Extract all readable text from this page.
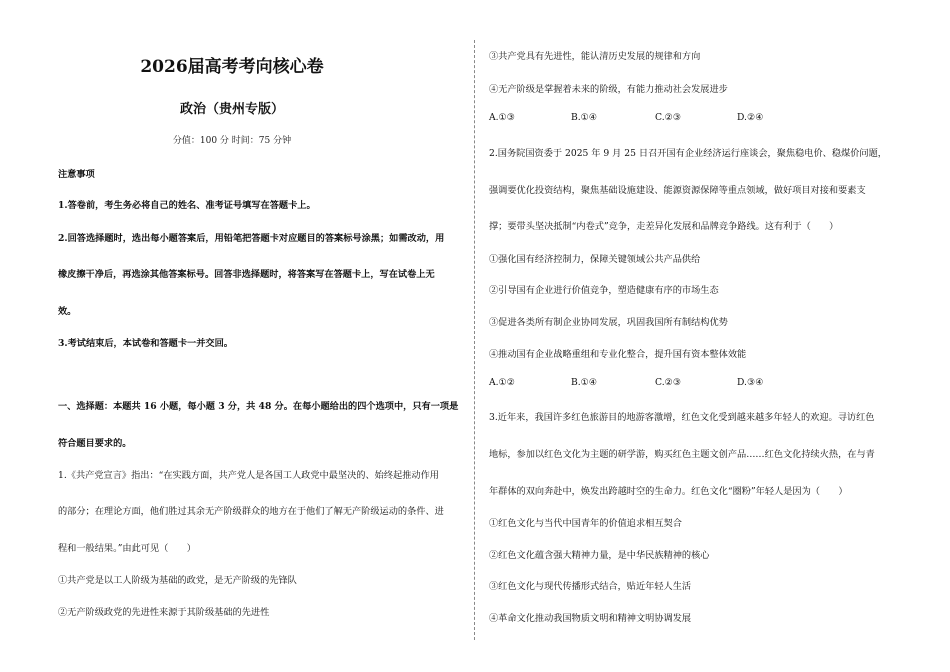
2026届高考考向核心卷
政治（贵州专版）
分值：100 分 时间：75 分钟
注意事项
1.答卷前，考生务必将自己的姓名、准考证号填写在答题卡上。
2.回答选择题时，选出每小题答案后，用铅笔把答题卡对应题目的答案标号涂黑；如需改动，用
橡皮擦干净后，再选涂其他答案标号。回答非选择题时，将答案写在答题卡上，写在试卷上无
效。
3.考试结束后，本试卷和答题卡一并交回。
一、选择题：本题共 16 小题，每小题 3 分，共 48 分。在每小题给出的四个选项中，只有一项是
符合题目要求的。
1.《共产党宣言》指出：“在实践方面，共产党人是各国工人政党中最坚决的、始终起推动作用
的部分；在理论方面，他们胜过其余无产阶级群众的地方在于他们了解无产阶级运动的条件、进
程和一般结果。”由此可见（　　）
①共产党是以工人阶级为基础的政党，是无产阶级的先锋队
②无产阶级政党的先进性来源于其阶级基础的先进性
③共产党具有先进性，能认清历史发展的规律和方向
④无产阶级是掌握着未来的阶级，有能力推动社会发展进步
A.①③	B.①④	C.②③	D.②④
2.国务院国资委于 2025 年 9 月 25 日召开国有企业经济运行座谈会，聚焦稳电价、稳煤价问题，
强调要优化投资结构，聚焦基础设施建设、能源资源保障等重点领域，做好项目对接和要素支
撑；要带头坚决抵制“内卷式”竞争，走差异化发展和品牌竞争路线。这有利于（　　）
①强化国有经济控制力，保障关键领域公共产品供给
②引导国有企业进行价值竞争，塑造健康有序的市场生态
③促进各类所有制企业协同发展，巩固我国所有制结构优势
④推动国有企业战略重组和专业化整合，提升国有资本整体效能
A.①②	B.①④	C.②③	D.③④
3.近年来，我国许多红色旅游目的地游客激增，红色文化受到越来越多年轻人的欢迎。寻访红色
地标，参加以红色文化为主题的研学游，购买红色主题文创产品……红色文化持续火热，在与青
年群体的双向奔赴中，焕发出跨越时空的生命力。红色文化“圈粉”年轻人是因为（　　）
①红色文化与当代中国青年的价值追求相互契合
②红色文化蕴含强大精神力量，是中华民族精神的核心
③红色文化与现代传播形式结合，贴近年轻人生活
④革命文化推动我国物质文明和精神文明协调发展
